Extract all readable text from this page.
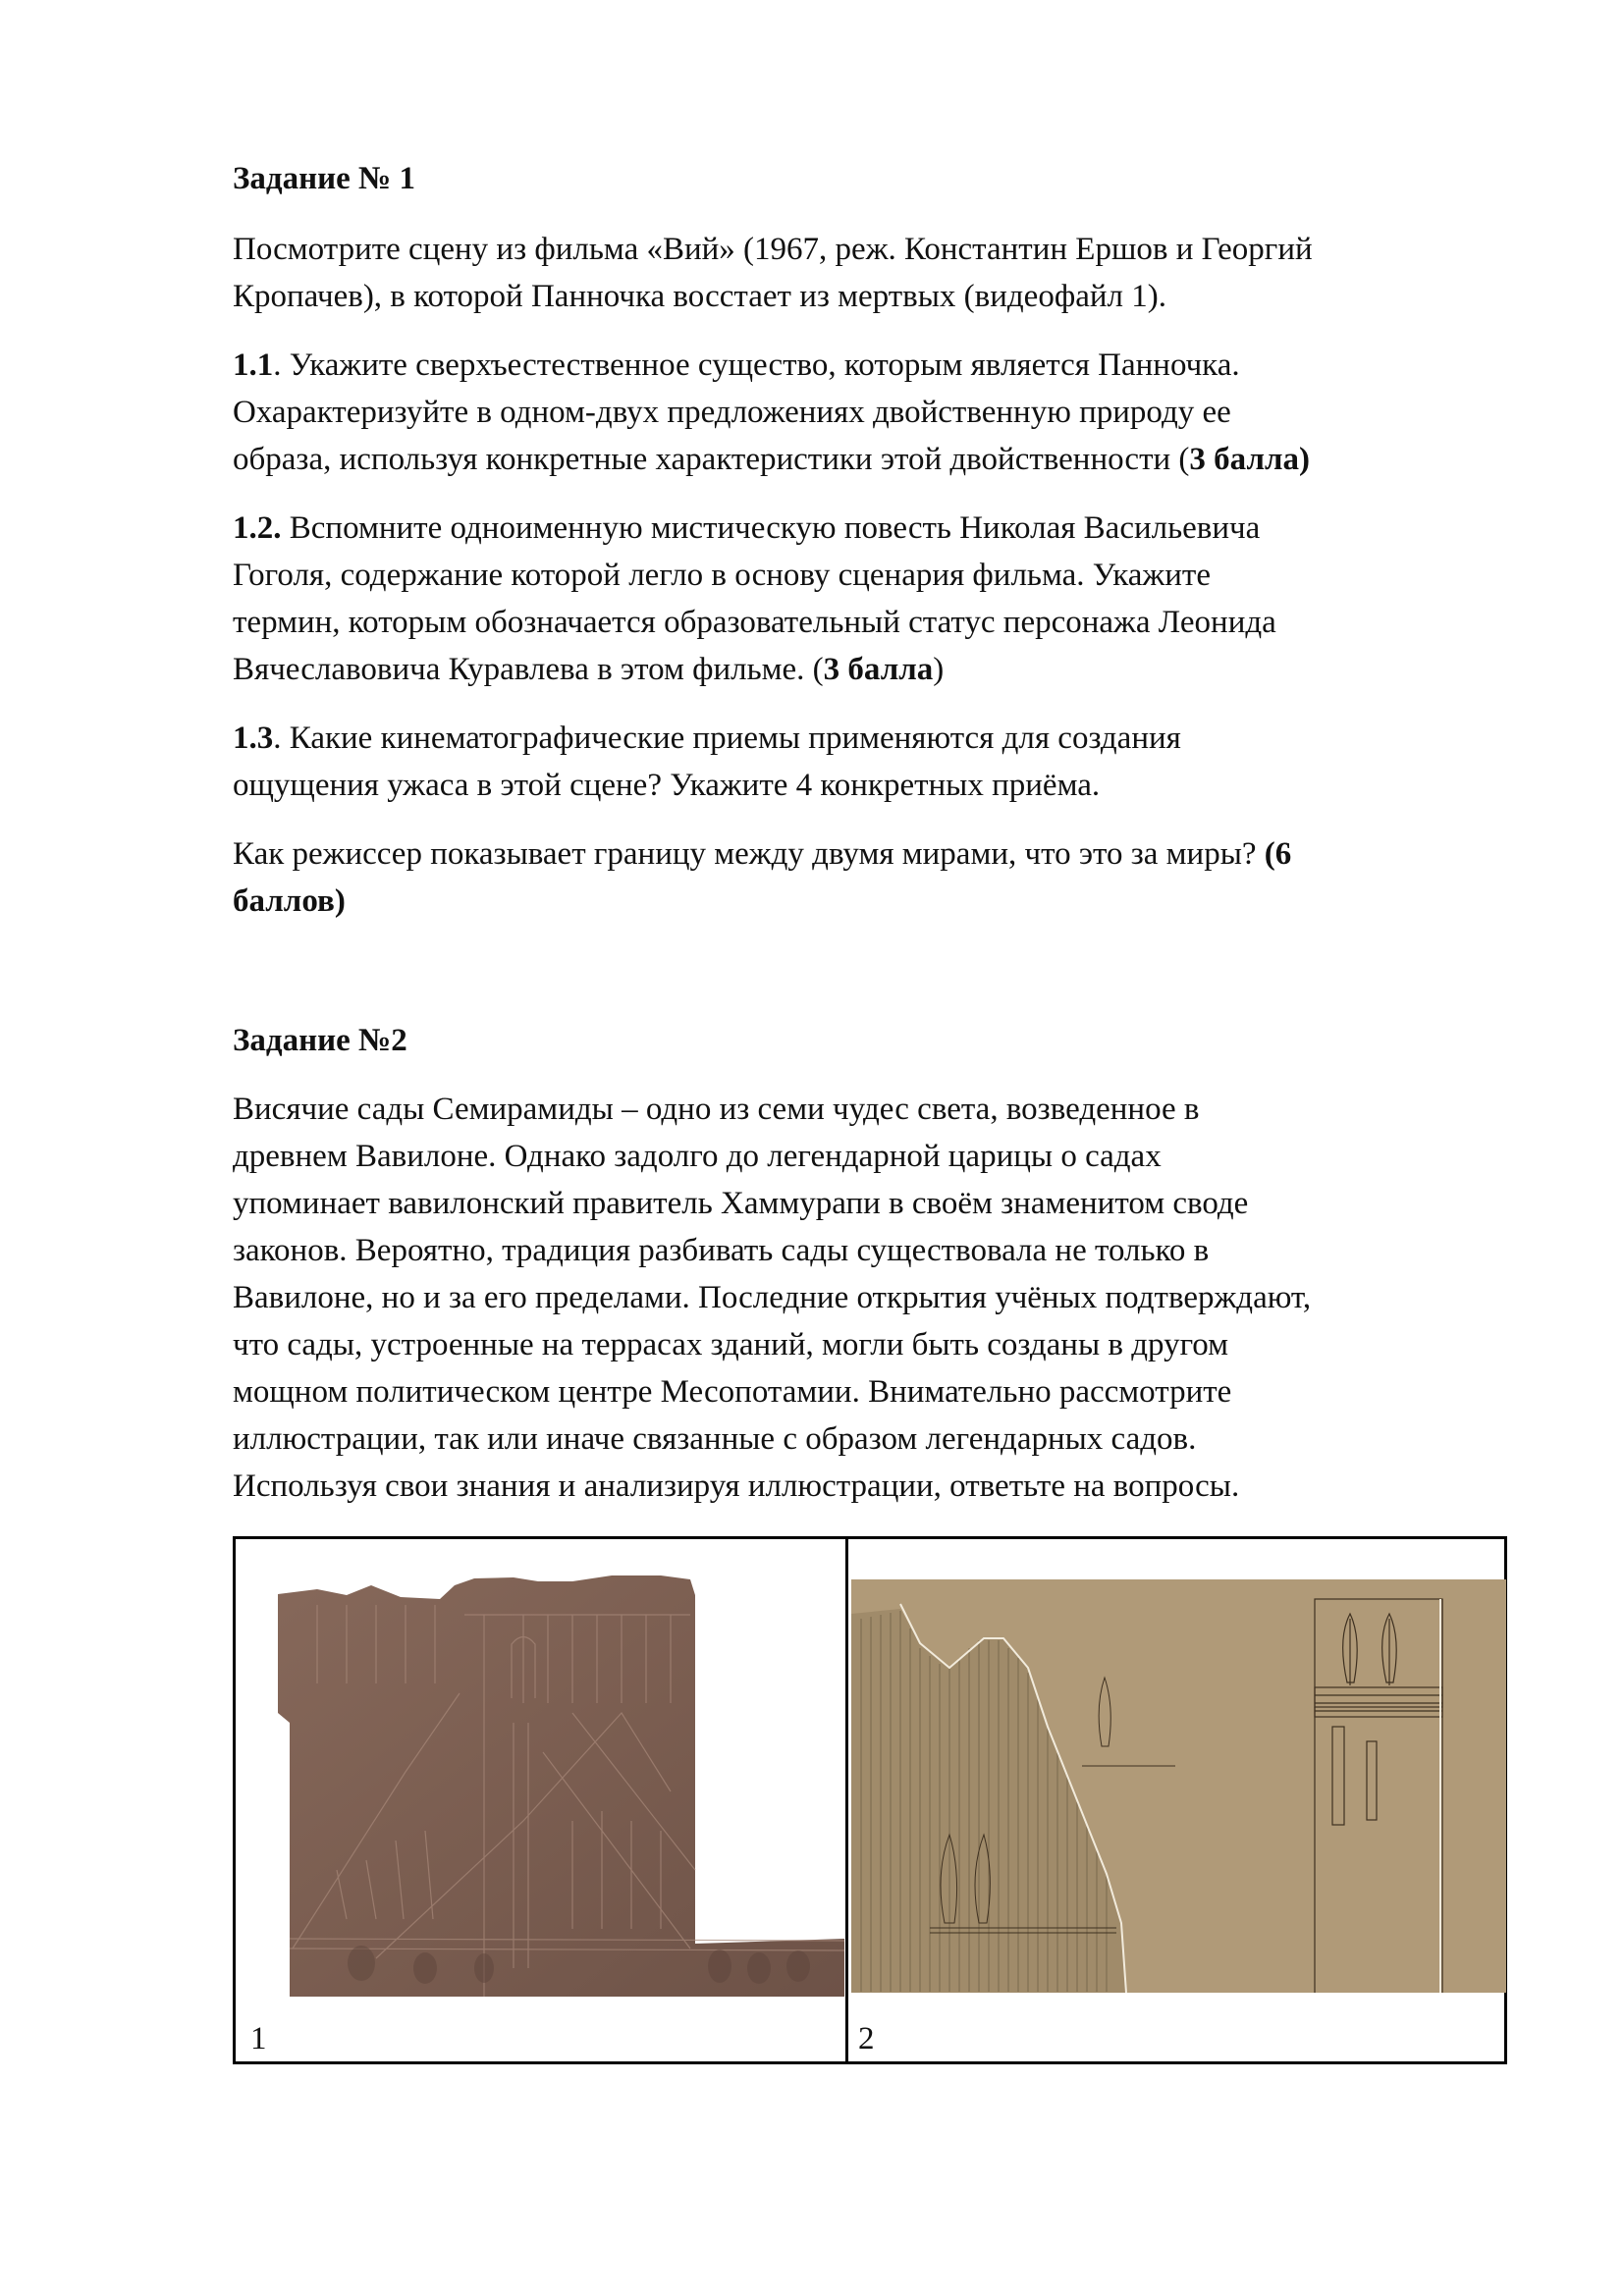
Задание № 1
Посмотрите сцену из фильма «Вий» (1967, реж. Константин Ершов и Георгий
Кропачев), в которой Панночка восстает из мертвых (видеофайл 1).
1.1. Укажите сверхъестественное существо, которым является Панночка.
Охарактеризуйте в одном-двух предложениях двойственную природу ее
образа, используя конкретные характеристики этой двойственности (3 балла)
1.2. Вспомните одноименную мистическую повесть Николая Васильевича
Гоголя, содержание которой легло в основу сценария фильма. Укажите
термин, которым обозначается образовательный статус персонажа Леонида
Вячеславовича Куравлева в этом фильме. (3 балла)
1.3. Какие кинематографические приемы применяются для создания
ощущения ужаса в этой сцене? Укажите 4 конкретных приёма.
Как режиссер показывает границу между двумя мирами, что это за миры? (6
баллов)
Задание №2
Висячие сады Семирамиды – одно из семи чудес света, возведенное в
древнем Вавилоне. Однако задолго до легендарной царицы о садах
упоминает вавилонский правитель Хаммурапи в своём знаменитом своде
законов. Вероятно, традиция разбивать сады существовала не только в
Вавилоне, но и за его пределами. Последние открытия учёных подтверждают,
что сады, устроенные на террасах зданий, могли быть созданы в другом
мощном политическом центре Месопотамии. Внимательно рассмотрите
иллюстрации, так или иначе связанные с образом легендарных садов.
Используя свои знания и анализируя иллюстрации, ответьте на вопросы.
1	2
